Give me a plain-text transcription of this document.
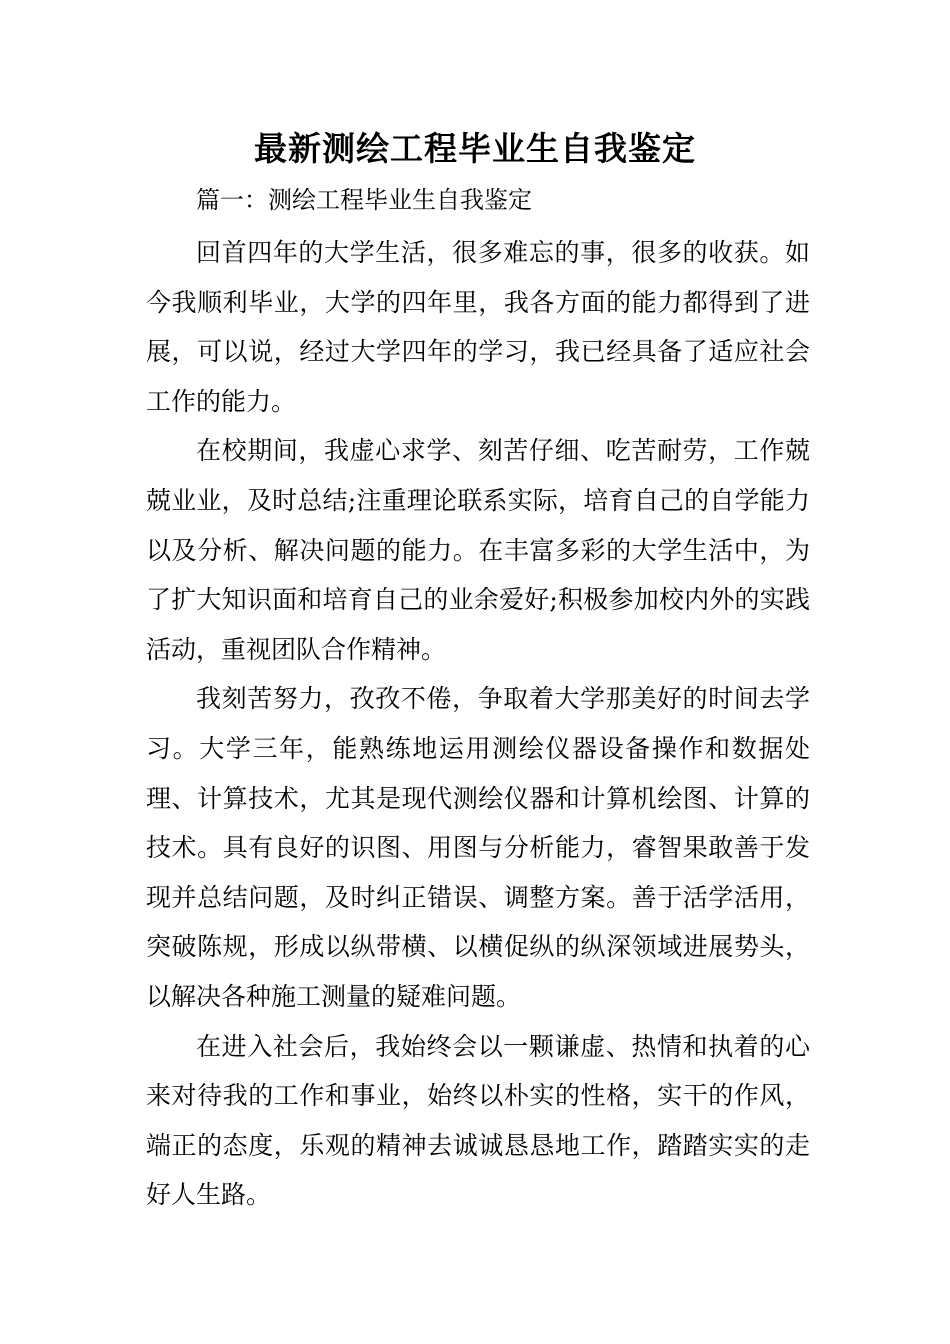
最新测绘工程毕业生自我鉴定
篇一：测绘工程毕业生自我鉴定

回首四年的大学生活，很多难忘的事，很多的收获。如今我顺利毕业，大学的四年里，我各方面的能力都得到了进展，可以说，经过大学四年的学习，我已经具备了适应社会工作的能力。

在校期间，我虚心求学、刻苦仔细、吃苦耐劳，工作兢兢业业，及时总结;注重理论联系实际，培育自己的自学能力以及分析、解决问题的能力。在丰富多彩的大学生活中，为了扩大知识面和培育自己的业余爱好;积极参加校内外的实践活动，重视团队合作精神。

我刻苦努力，孜孜不倦，争取着大学那美好的时间去学习。大学三年，能熟练地运用测绘仪器设备操作和数据处理、计算技术，尤其是现代测绘仪器和计算机绘图、计算的技术。具有良好的识图、用图与分析能力，睿智果敢善于发现并总结问题，及时纠正错误、调整方案。善于活学活用，突破陈规，形成以纵带横、以横促纵的纵深领域进展势头，以解决各种施工测量的疑难问题。

在进入社会后，我始终会以一颗谦虚、热情和执着的心来对待我的工作和事业，始终以朴实的性格，实干的作风，端正的态度，乐观的精神去诚诚恳恳地工作，踏踏实实的走好人生路。
